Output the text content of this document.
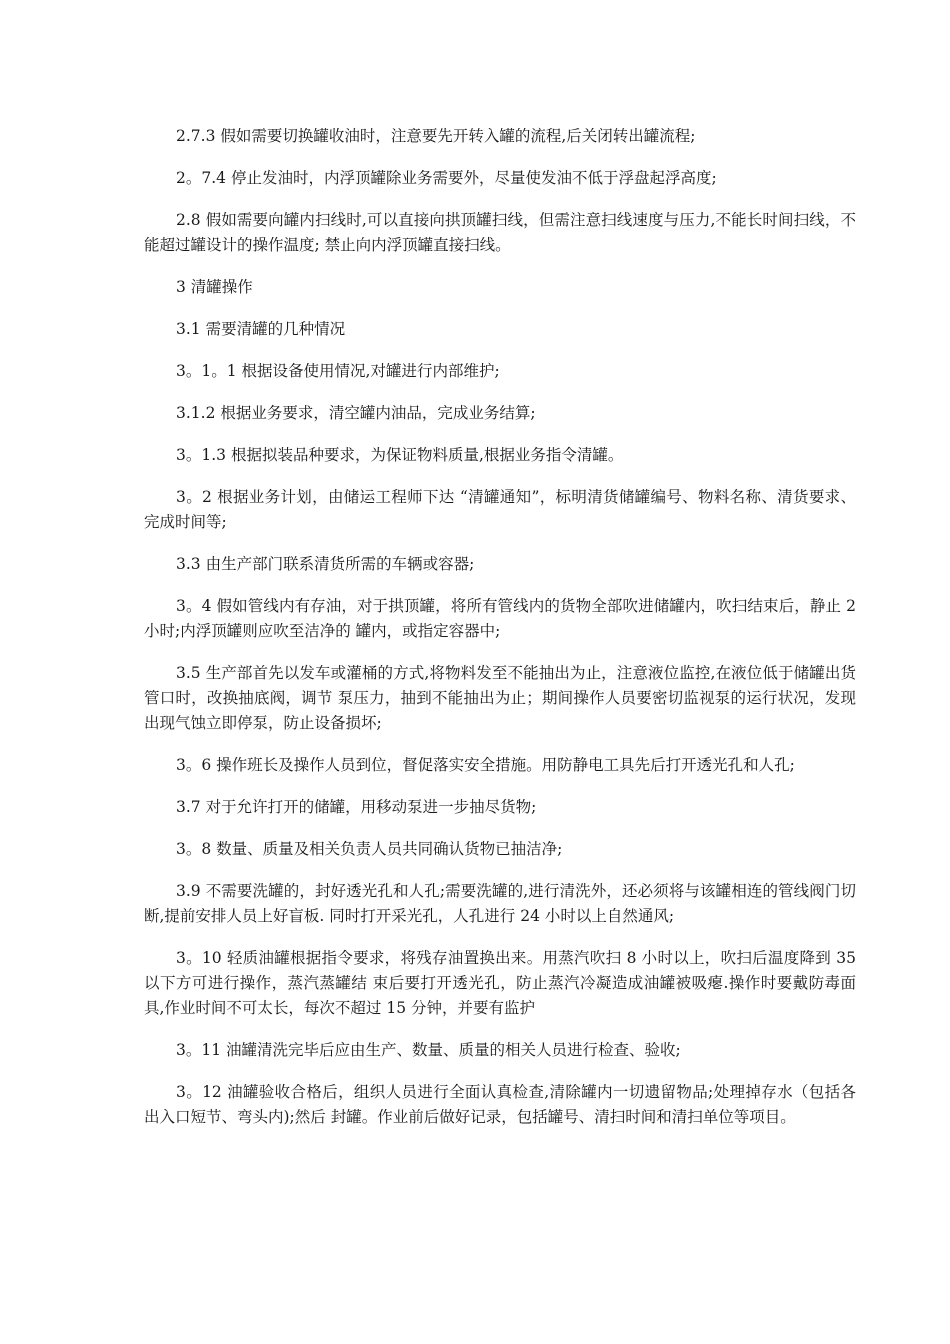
2.7.3 假如需要切换罐收油时，注意要先开转入罐的流程,后关闭转出罐流程;

2。7.4 停止发油时，内浮顶罐除业务需要外，尽量使发油不低于浮盘起浮高度;

2.8 假如需要向罐内扫线时,可以直接向拱顶罐扫线，但需注意扫线速度与压力,不能长时间扫线，不能超过罐设计的操作温度; 禁止向内浮顶罐直接扫线。

3 清罐操作

3.1 需要清罐的几种情况

3。1。1 根据设备使用情况,对罐进行内部维护;

3.1.2 根据业务要求，清空罐内油品，完成业务结算;

3。1.3 根据拟装品种要求，为保证物料质量,根据业务指令清罐。

3。2 根据业务计划，由储运工程师下达 “清罐通知”，标明清货储罐编号、物料名称、清货要求、完成时间等;

3.3 由生产部门联系清货所需的车辆或容器;

3。4 假如管线内有存油，对于拱顶罐，将所有管线内的货物全部吹进储罐内，吹扫结束后，静止 2 小时;内浮顶罐则应吹至洁净的 罐内，或指定容器中;

3.5 生产部首先以发车或灌桶的方式,将物料发至不能抽出为止，注意液位监控,在液位低于储罐出货管口时，改换抽底阀，调节 泵压力，抽到不能抽出为止；期间操作人员要密切监视泵的运行状况，发现出现气蚀立即停泵，防止设备损坏;

3。6 操作班长及操作人员到位，督促落实安全措施。用防静电工具先后打开透光孔和人孔;

3.7 对于允许打开的储罐，用移动泵进一步抽尽货物;

3。8 数量、质量及相关负责人员共同确认货物已抽洁净;

3.9 不需要洗罐的，封好透光孔和人孔;需要洗罐的,进行清洗外，还必须将与该罐相连的管线阀门切断,提前安排人员上好盲板. 同时打开采光孔，人孔进行 24 小时以上自然通风;

3。10 轻质油罐根据指令要求，将残存油置换出来。用蒸汽吹扫 8 小时以上，吹扫后温度降到 35 以下方可进行操作，蒸汽蒸罐结 束后要打开透光孔，防止蒸汽冷凝造成油罐被吸瘪.操作时要戴防毒面具,作业时间不可太长，每次不超过 15 分钟，并要有监护

3。11 油罐清洗完毕后应由生产、数量、质量的相关人员进行检查、验收;

3。12 油罐验收合格后，组织人员进行全面认真检查,清除罐内一切遗留物品;处理掉存水（包括各出入口短节、弯头内);然后 封罐。作业前后做好记录，包括罐号、清扫时间和清扫单位等项目。
